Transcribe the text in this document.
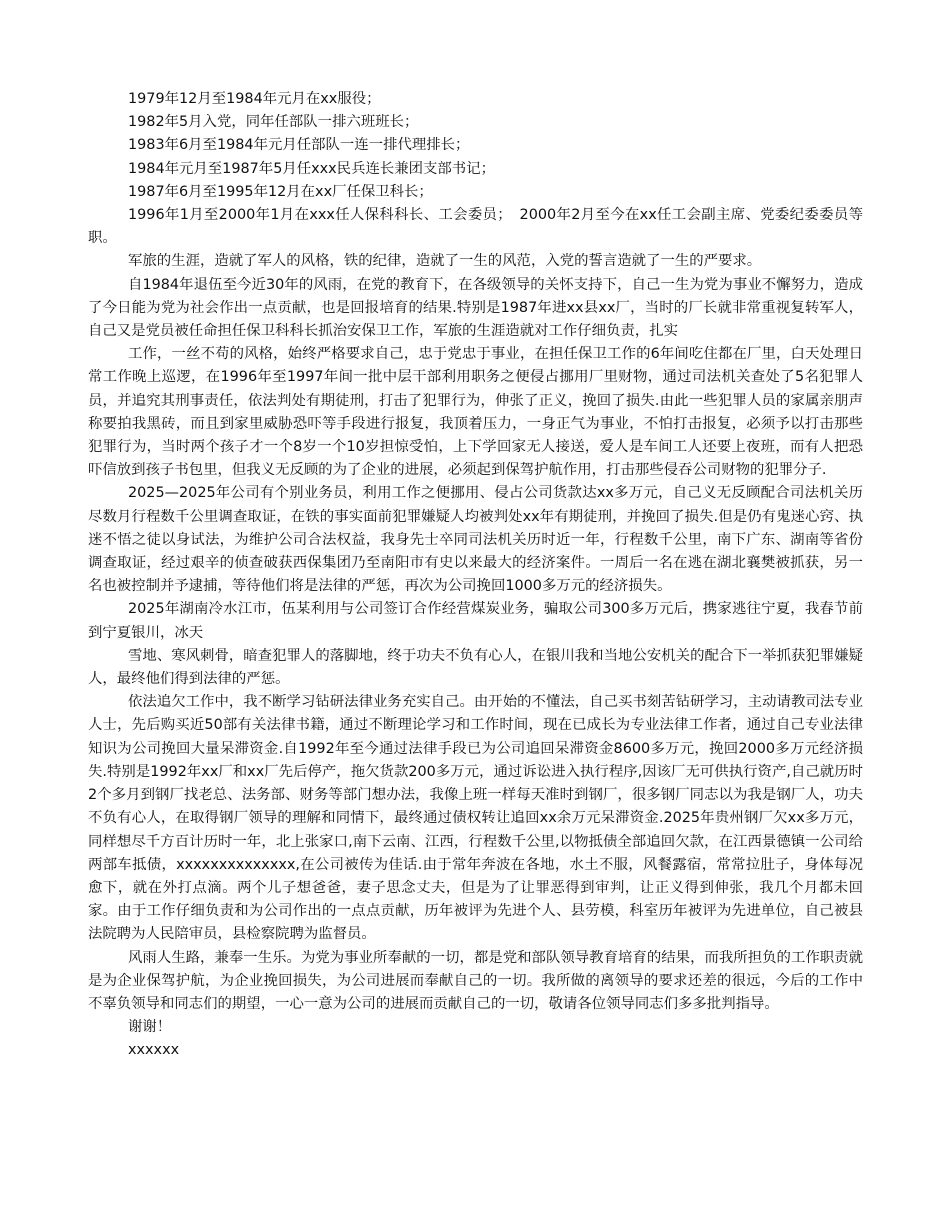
1979年12月至1984年元月在xx服役；

1982年5月入党，同年任部队一排六班班长；

1983年6月至1984年元月任部队一连一排代理排长；

1984年元月至1987年5月任xxx民兵连长兼团支部书记；

1987年6月至1995年12月在xx厂任保卫科长；

1996年1月至2000年1月在xxx任人保科科长、工会委员；　2000年2月至今在xx任工会副主席、党委纪委委员等职。

军旅的生涯，造就了军人的风格，铁的纪律，造就了一生的风范，入党的誓言造就了一生的严要求。

自1984年退伍至今近30年的风雨，在党的教育下，在各级领导的关怀支持下，自己一生为党为事业不懈努力，造成了今日能为党为社会作出一点贡献，也是回报培育的结果.特别是1987年进xx县xx厂，当时的厂长就非常重视复转军人，自己又是党员被任命担任保卫科科长抓治安保卫工作，军旅的生涯造就对工作仔细负责，扎实

工作，一丝不苟的风格，始终严格要求自己，忠于党忠于事业，在担任保卫工作的6年间吃住都在厂里，白天处理日常工作晚上巡逻，在1996年至1997年间一批中层干部利用职务之便侵占挪用厂里财物，通过司法机关查处了5名犯罪人员，并追究其刑事责任，依法判处有期徒刑，打击了犯罪行为，伸张了正义，挽回了损失.由此一些犯罪人员的家属亲朋声称要拍我黑砖，而且到家里威胁恐吓等手段进行报复，我顶着压力，一身正气为事业，不怕打击报复，必须予以打击那些犯罪行为，当时两个孩子才一个8岁一个10岁担惊受怕，上下学回家无人接送，爱人是车间工人还要上夜班，而有人把恐吓信放到孩子书包里，但我义无反顾的为了企业的进展，必须起到保驾护航作用，打击那些侵吞公司财物的犯罪分子.

2025—2025年公司有个别业务员，利用工作之便挪用、侵占公司货款达xx多万元，自己义无反顾配合司法机关历尽数月行程数千公里调查取证，在铁的事实面前犯罪嫌疑人均被判处xx年有期徒刑，并挽回了损失.但是仍有鬼迷心窍、执迷不悟之徒以身试法，为维护公司合法权益，我身先士卒同司法机关历时近一年，行程数千公里，南下广东、湖南等省份调查取证，经过艰辛的侦查破获西保集团乃至南阳市有史以来最大的经济案件。一周后一名在逃在湖北襄樊被抓获，另一名也被控制并予逮捕，等待他们将是法律的严惩，再次为公司挽回1000多万元的经济损失。

2025年湖南冷水江市，伍某利用与公司签订合作经营煤炭业务，骗取公司300多万元后，携家逃往宁夏，我春节前到宁夏银川，冰天

雪地、寒风刺骨，暗查犯罪人的落脚地，终于功夫不负有心人，在银川我和当地公安机关的配合下一举抓获犯罪嫌疑人，最终他们得到法律的严惩。

依法追欠工作中，我不断学习钻研法律业务充实自己。由开始的不懂法，自己买书刻苦钻研学习，主动请教司法专业人士，先后购买近50部有关法律书籍，通过不断理论学习和工作时间，现在已成长为专业法律工作者，通过自己专业法律知识为公司挽回大量呆滞资金.自1992年至今通过法律手段已为公司追回呆滞资金8600多万元，挽回2000多万元经济损失.特别是1992年xx厂和xx厂先后停产，拖欠货款200多万元，通过诉讼进入执行程序,因该厂无可供执行资产,自己就历时2个多月到钢厂找老总、法务部、财务等部门想办法，我像上班一样每天准时到钢厂，很多钢厂同志以为我是钢厂人，功夫不负有心人，在取得钢厂领导的理解和同情下，最终通过债权转让追回xx余万元呆滞资金.2025年贵州钢厂欠xx多万元，同样想尽千方百计历时一年，北上张家口,南下云南、江西，行程数千公里,以物抵债全部追回欠款，在江西景德镇一公司给两部车抵债，xxxxxxxxxxxxxx,在公司被传为佳话.由于常年奔波在各地，水土不服，风餐露宿，常常拉肚子，身体每况愈下，就在外打点滴。两个儿子想爸爸，妻子思念丈夫，但是为了让罪恶得到审判，让正义得到伸张，我几个月都未回家。由于工作仔细负责和为公司作出的一点点贡献，历年被评为先进个人、县劳模，科室历年被评为先进单位，自己被县法院聘为人民陪审员，县检察院聘为监督员。

风雨人生路，兼奉一生乐。为党为事业所奉献的一切，都是党和部队领导教育培育的结果，而我所担负的工作职责就是为企业保驾护航，为企业挽回损失，为公司进展而奉献自己的一切。我所做的离领导的要求还差的很远，今后的工作中不辜负领导和同志们的期望，一心一意为公司的进展而贡献自己的一切，敬请各位领导同志们多多批判指导。

谢谢！

xxxxxx
